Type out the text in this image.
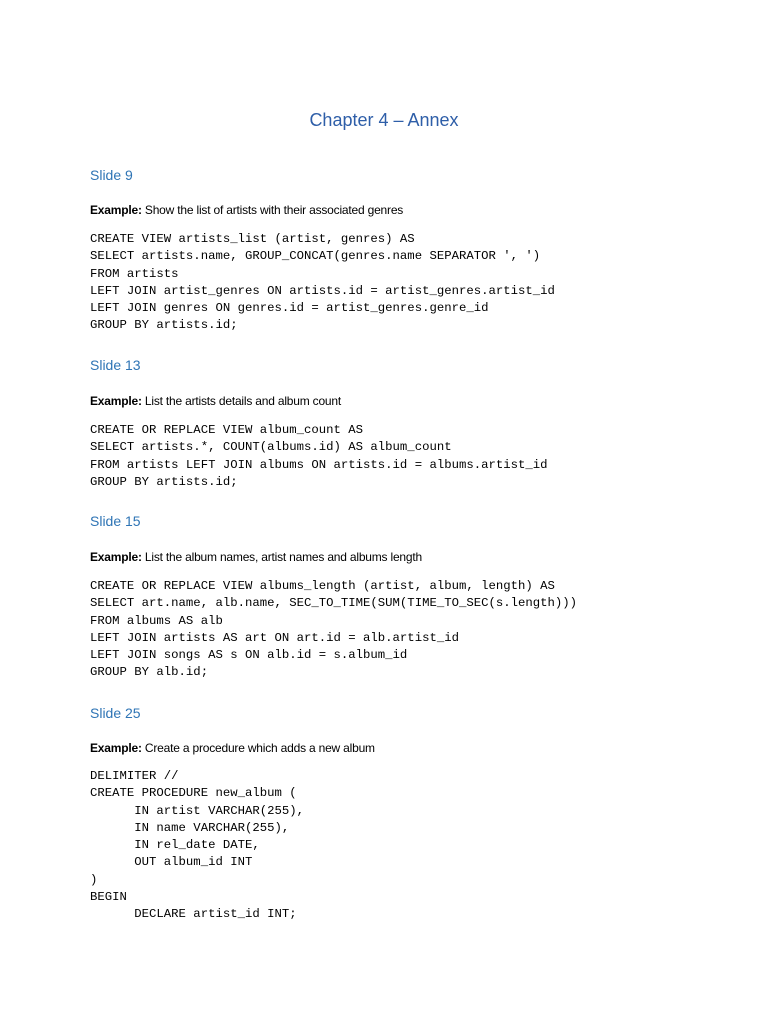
Chapter 4 – Annex
Slide 9

Example: Show the list of artists with their associated genres

CREATE VIEW artists_list (artist, genres) AS
SELECT artists.name, GROUP_CONCAT(genres.name SEPARATOR ', ')
FROM artists
LEFT JOIN artist_genres ON artists.id = artist_genres.artist_id
LEFT JOIN genres ON genres.id = artist_genres.genre_id
GROUP BY artists.id;
Slide 13

Example: List the artists details and album count

CREATE OR REPLACE VIEW album_count AS
SELECT artists.*, COUNT(albums.id) AS album_count
FROM artists LEFT JOIN albums ON artists.id = albums.artist_id
GROUP BY artists.id;
Slide 15

Example: List the album names, artist names and albums length

CREATE OR REPLACE VIEW albums_length (artist, album, length) AS
SELECT art.name, alb.name, SEC_TO_TIME(SUM(TIME_TO_SEC(s.length)))
FROM albums AS alb
LEFT JOIN artists AS art ON art.id = alb.artist_id
LEFT JOIN songs AS s ON alb.id = s.album_id
GROUP BY alb.id;
Slide 25

Example: Create a procedure which adds a new album

DELIMITER //
CREATE PROCEDURE new_album (
IN artist VARCHAR(255),
IN name VARCHAR(255),
IN rel_date DATE,
OUT album_id INT
)
BEGIN
DECLARE artist_id INT;
